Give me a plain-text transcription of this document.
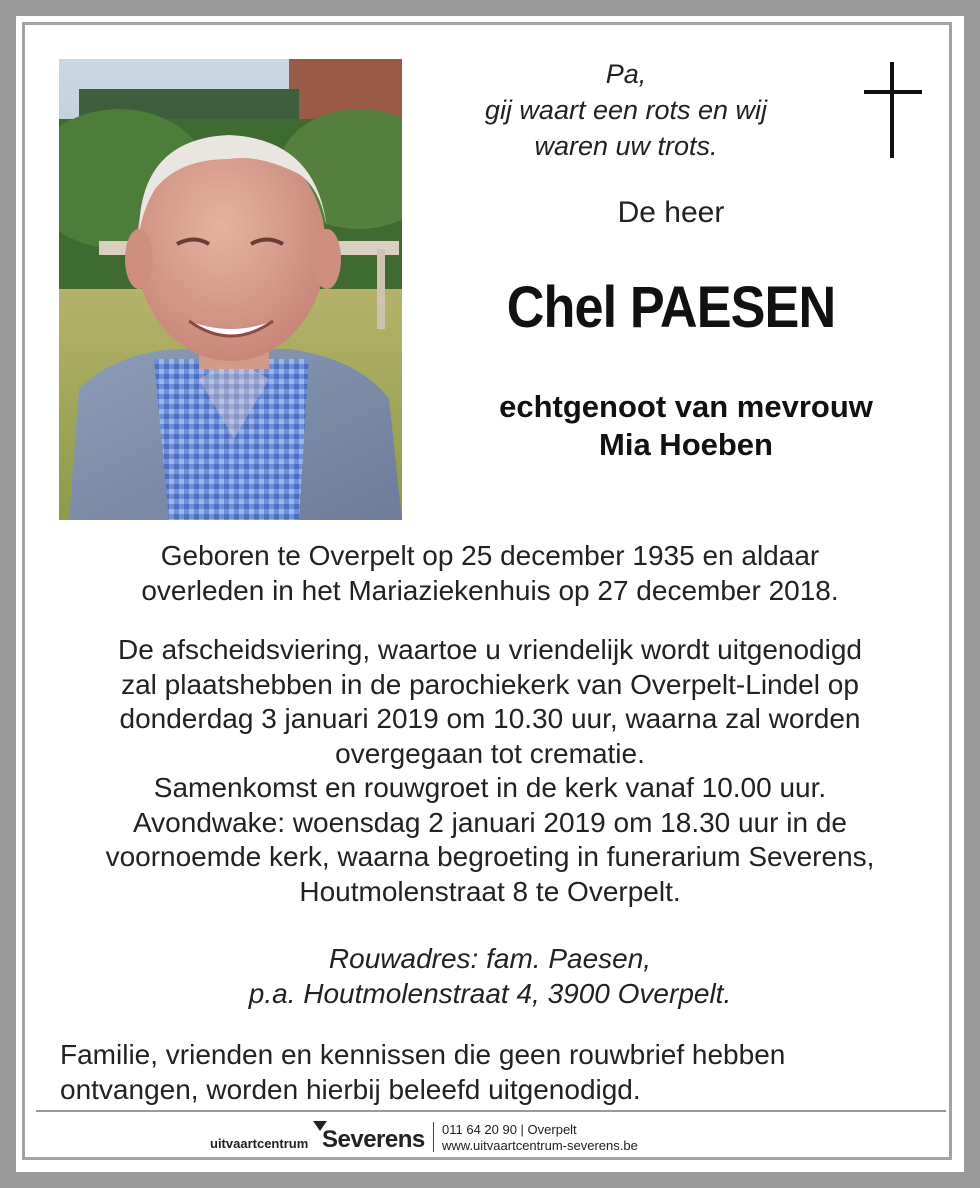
Pa,
gij waart een rots en wij
waren uw trots.
De heer
Chel PAESEN
echtgenoot van mevrouw
Mia Hoeben
Geboren te Overpelt op 25 december 1935 en aldaar
overleden in het Mariaziekenhuis op 27 december 2018.
De afscheidsviering, waartoe u vriendelijk wordt uitgenodigd
zal plaatshebben in de parochiekerk van Overpelt-Lindel op
donderdag 3 januari 2019 om 10.30 uur, waarna zal worden
overgegaan tot crematie.
Samenkomst en rouwgroet in de kerk vanaf 10.00 uur.
Avondwake: woensdag 2 januari 2019 om 18.30 uur in de
voornoemde kerk, waarna begroeting in funerarium Severens,
Houtmolenstraat 8 te Overpelt.
Rouwadres: fam. Paesen,
p.a. Houtmolenstraat 4, 3900 Overpelt.
Familie, vrienden en kennissen die geen rouwbrief hebben
ontvangen, worden hierbij beleefd uitgenodigd.
uitvaartcentrum Severens 011 64 20 90 | Overpelt
www.uitvaartcentrum-severens.be
